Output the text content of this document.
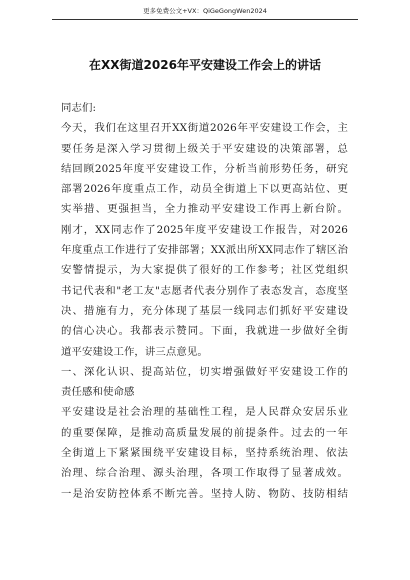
更多免费公文+VX：QiGeGongWen2024
在XX街道2026年平安建设工作会上的讲话
同志们:
今天，我们在这里召开XX街道2026年平安建设工作会，主
要任务是深入学习贯彻上级关于平安建设的决策部署，总
结回顾2025年度平安建设工作，分析当前形势任务，研究
部署2026年度重点工作，动员全街道上下以更高站位、更
实举措、更强担当，全力推动平安建设工作再上新台阶。
刚才，XX同志作了2025年度平安建设工作报告，对2026
年度重点工作进行了安排部署；XX派出所XX同志作了辖区治
安警情提示，为大家提供了很好的工作参考；社区党组织
书记代表和"老工友"志愿者代表分别作了表态发言，态度坚
决、措施有力，充分体现了基层一线同志们抓好平安建设
的信心决心。我都表示赞同。下面，我就进一步做好全街
道平安建设工作，讲三点意见。
一、深化认识、提高站位，切实增强做好平安建设工作的
责任感和使命感
平安建设是社会治理的基础性工程，是人民群众安居乐业
的重要保障，是推动高质量发展的前提条件。过去的一年
全街道上下紧紧围绕平安建设目标，坚持系统治理、依法
治理、综合治理、源头治理，各项工作取得了显著成效。
一是治安防控体系不断完善。坚持人防、物防、技防相结
